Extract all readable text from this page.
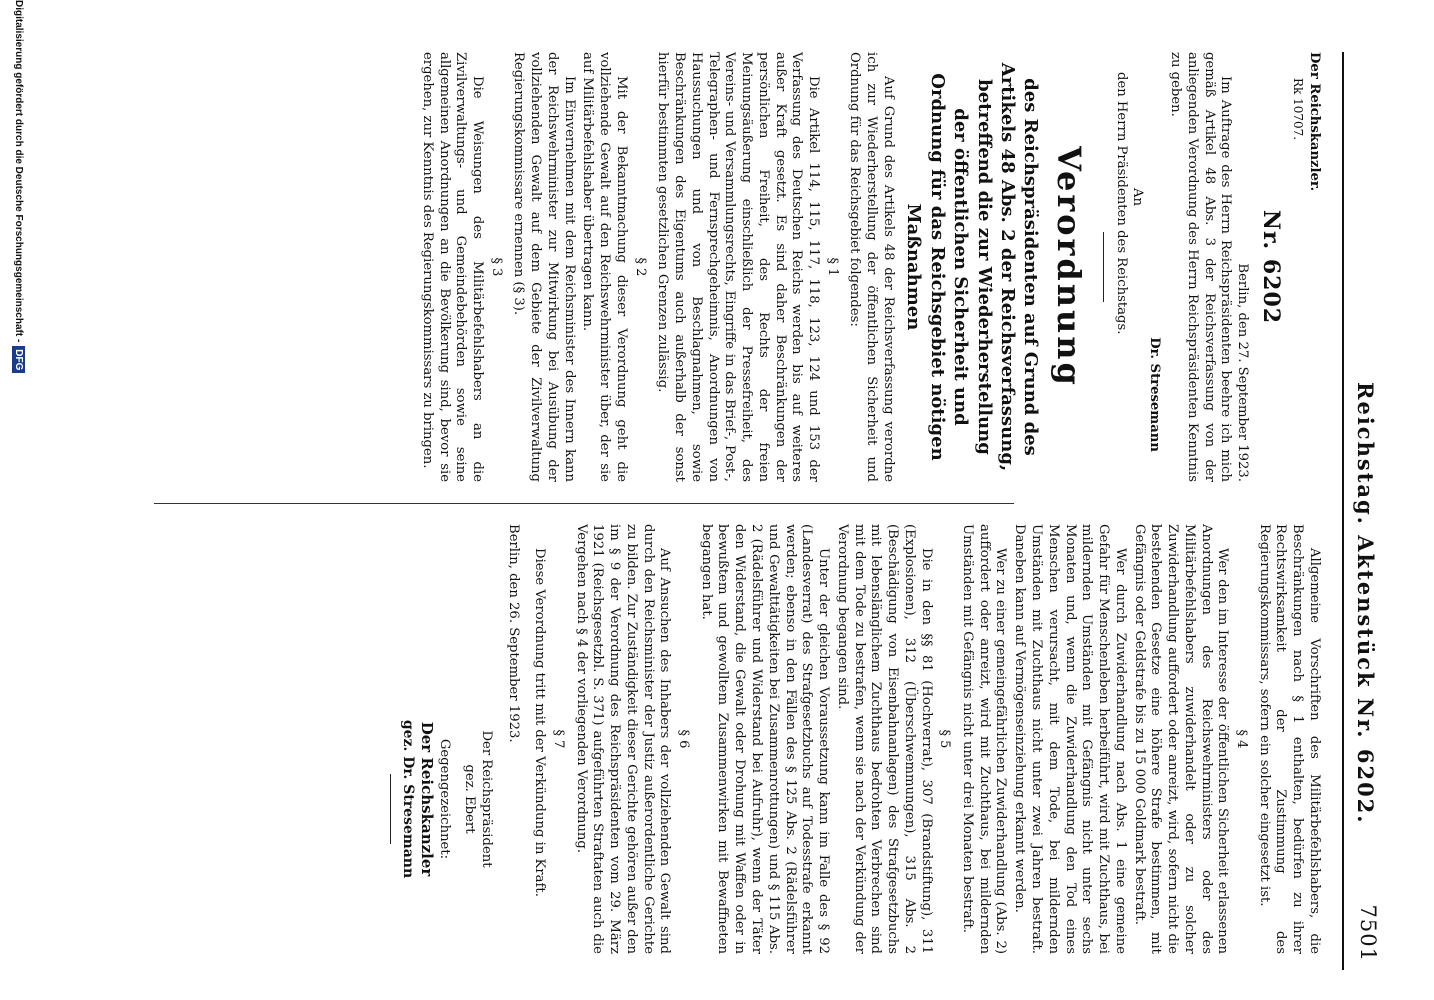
Reichstag. Aktenstück Nr. 6202.
7501

Der Reichskanzler.

Rk 10707.

Nr. 6202

Berlin, den 27. September 1923.

Im Auftrage des Herrn Reichspräsidenten beehre ich mich gemäß Artikel 48 Abs. 3 der Reichsverfassung von der anliegenden Verordnung des Herrn Reichspräsidenten Kenntnis zu geben.

Dr. Stresemann

An

den Herrn Präsidenten des Reichstags.

Verordnung

des Reichspräsidenten auf Grund des Artikels 48 Abs. 2 der Reichsverfassung, betreffend die zur Wiederherstellung der öffentlichen Sicherheit und Ordnung für das Reichsgebiet nötigen Maßnahmen

Auf Grund des Artikels 48 der Reichsverfassung verordne ich zur Wiederherstellung der öffentlichen Sicherheit und Ordnung für das Reichsgebiet folgendes:

§ 1

Die Artikel 114, 115, 117, 118, 123, 124 und 153 der Verfassung des Deutschen Reichs werden bis auf weiteres außer Kraft gesetzt. Es sind daher Beschränkungen der persönlichen Freiheit, des Rechts der freien Meinungsäußerung einschließlich der Pressefreiheit, des Vereins- und Versammlungsrechts, Eingriffe in das Brief-, Post-, Telegraphen- und Fernsprechgeheimnis, Anordnungen von Haussuchungen und von Beschlagnahmen, sowie Beschränkungen des Eigentums auch außerhalb der sonst hierfür bestimmten gesetzlichen Grenzen zulässig.

§ 2

Mit der Bekanntmachung dieser Verordnung geht die vollziehende Gewalt auf den Reichswehrminister über, der sie auf Militärbefehlshaber übertragen kann.

Im Einvernehmen mit dem Reichsminister des Innern kann der Reichswehrminister zur Mitwirkung bei Ausübung der vollziehenden Gewalt auf dem Gebiete der Zivilverwaltung Regierungskommissare ernennen (§ 3).

§ 3

Die Weisungen des Militärbefehlshabers an die Zivilverwaltungs- und Gemeindebehörden sowie seine allgemeinen Anordnungen an die Bevölkerung sind, bevor sie ergehen, zur Kenntnis des Regierungskommissars zu bringen.

Allgemeine Vorschriften des Militärbefehlshabers, die Beschränkungen nach § 1 enthalten, bedürfen zu ihrer Rechtswirksamkeit der Zustimmung des Regierungskommissars, sofern ein solcher eingesetzt ist.

§ 4

Wer den im Interesse der öffentlichen Sicherheit erlassenen Anordnungen des Reichswehrministers oder des Militärbefehlshabers zuwiderhandelt oder zu solcher Zuwiderhandlung auffordert oder anreizt, wird, sofern nicht die bestehenden Gesetze eine höhere Strafe bestimmen, mit Gefängnis oder Geldstrafe bis zu 15 000 Goldmark bestraft.

Wer durch Zuwiderhandlung nach Abs. 1 eine gemeine Gefahr für Menschenleben herbeiführt, wird mit Zuchthaus, bei mildernden Umständen mit Gefängnis nicht unter sechs Monaten und, wenn die Zuwiderhandlung den Tod eines Menschen verursacht, mit dem Tode, bei mildernden Umständen mit Zuchthaus nicht unter zwei Jahren bestraft. Daneben kann auf Vermögenseinziehung erkannt werden.

Wer zu einer gemeingefährlichen Zuwiderhandlung (Abs. 2) auffordert oder anreizt, wird mit Zuchthaus, bei mildernden Umständen mit Gefängnis nicht unter drei Monaten bestraft.

§ 5

Die in den §§ 81 (Hochverrat), 307 (Brandstiftung), 311 (Explosionen), 312 (Überschwemmungen), 315 Abs. 2 (Beschädigung von Eisenbahnanlagen) des Strafgesetzbuchs mit lebenslänglichem Zuchthaus bedrohten Verbrechen sind mit dem Tode zu bestrafen, wenn sie nach der Verkündung der Verordnung begangen sind.

Unter der gleichen Voraussetzung kann im Falle des § 92 (Landesverrat) des Strafgesetzbuchs auf Todesstrafe erkannt werden; ebenso in den Fällen des § 125 Abs. 2 (Rädelsführer und Gewalttätigkeiten bei Zusammenrottungen) und § 115 Abs. 2 (Rädelsführer und Widerstand bei Aufruhr), wenn der Täter den Widerstand, die Gewalt oder Drohung mit Waffen oder in bewußtem und gewolltem Zusammenwirken mit Bewaffneten begangen hat.

§ 6

Auf Ansuchen des Inhabers der vollziehenden Gewalt sind durch den Reichsminister der Justiz außerordentliche Gerichte zu bilden. Zur Zuständigkeit dieser Gerichte gehören außer den im § 9 der Verordnung des Reichspräsidenten vom 29. März 1921 (Reichsgesetzbl. S. 371) aufgeführten Straftaten auch die Vergehen nach § 4 der vorliegenden Verordnung.

§ 7

Diese Verordnung tritt mit der Verkündung in Kraft.

Berlin, den 26. September 1923.

Der Reichspräsident

gez. Ebert

Gegengezeichnet:

Der Reichskanzler

gez. Dr. Stresemann

Digitalisierung gefördert durch die Deutsche Forschungsgemeinschaft -DFG
